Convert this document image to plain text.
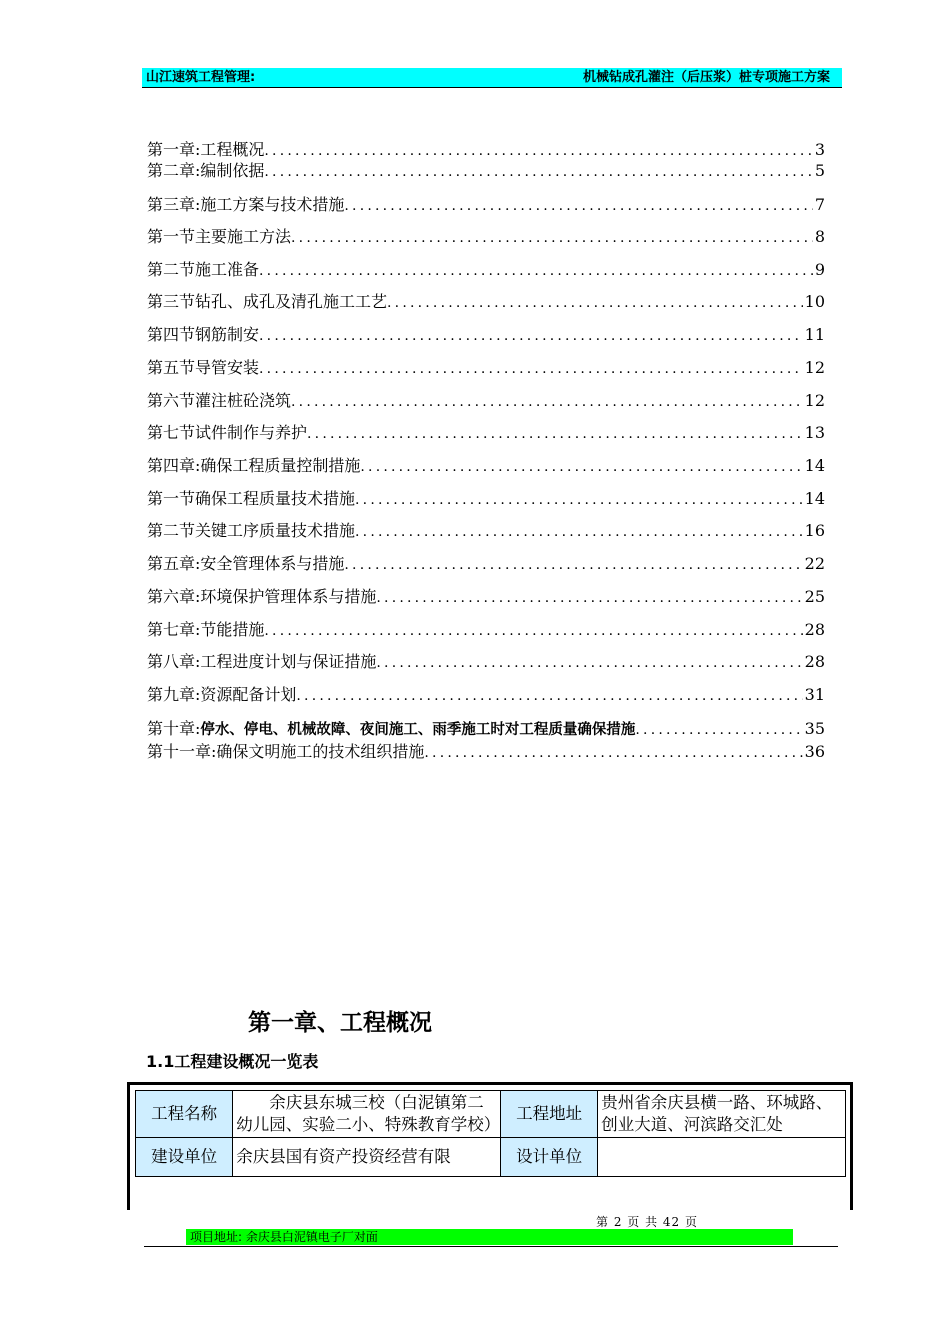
山江速筑工程管理:	机械钻成孔灌注（后压浆）桩专项施工方案
第一章:工程概况 .....	3
第二章:编制依据 .....	5
第三章:施工方案与技术措施 .....	7
第一节主要施工方法 .....	8
第二节施工准备 .....	9
第三节钻孔、成孔及清孔施工工艺 .....	10
第四节钢筋制安 .....	11
第五节导管安装 .....	12
第六节灌注桩砼浇筑 .....	12
第七节试件制作与养护 .....	13
第四章:确保工程质量控制措施 .....	14
第一节确保工程质量技术措施 .....	14
第二节关键工序质量技术措施 .....	16
第五章:安全管理体系与措施 .....	22
第六章:环境保护管理体系与措施 .....	25
第七章:节能措施 .....	28
第八章:工程进度计划与保证措施 .....	28
第九章:资源配备计划 .....	31
第十章: 停水、停电、机械故障、夜间施工、雨季施工时对工程质量确保措施 .....	35
第十一章:确保文明施工的技术组织措施 .....	36
第一章、工程概况
1.1工程建设概况一览表
工程名称	余庆县东城三校（白泥镇第二幼儿园、实验二小、特殊教育学校）	工程地址	贵州省余庆县横一路、环城路、创业大道、河滨路交汇处
建设单位	余庆县国有资产投资经营有限	设计单位	
第 2 页 共 42 页
项目地址: 余庆县白泥镇电子厂对面
